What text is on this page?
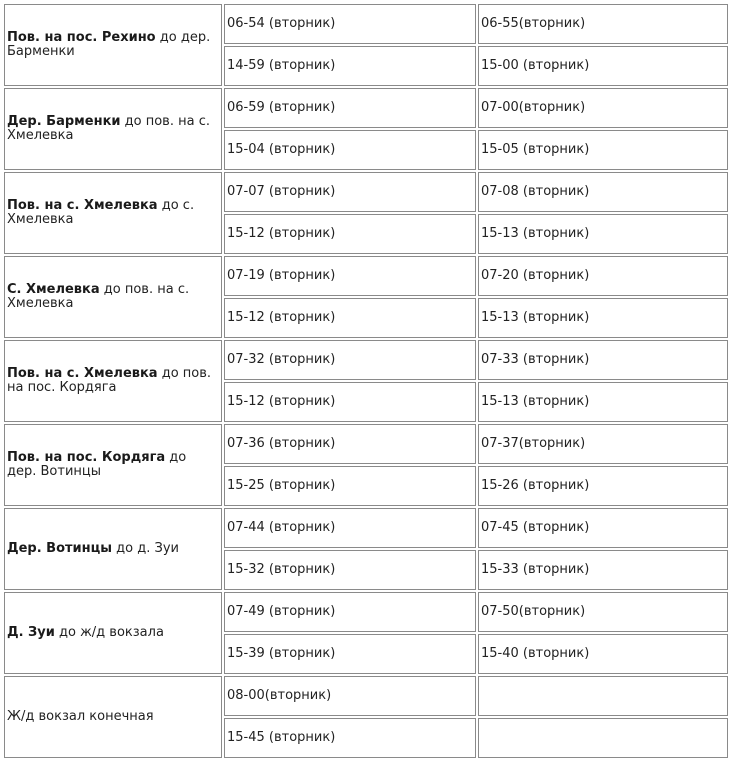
Пов. на пос. Рехино до дер. Барменки	06-54 (вторник)	06-55(вторник)
	14-59 (вторник)	15-00 (вторник)
Дер. Барменки до пов. на с. Хмелевка	06-59 (вторник)	07-00(вторник)
	15-04 (вторник)	15-05 (вторник)
Пов. на с. Хмелевка до с. Хмелевка	07-07 (вторник)	07-08 (вторник)
	15-12 (вторник)	15-13 (вторник)
С. Хмелевка до пов. на с. Хмелевка	07-19 (вторник)	07-20 (вторник)
	15-12 (вторник)	15-13 (вторник)
Пов. на с. Хмелевка до пов. на пос. Кордяга	07-32 (вторник)	07-33 (вторник)
	15-12 (вторник)	15-13 (вторник)
Пов. на пос. Кордяга до дер. Вотинцы	07-36 (вторник)	07-37(вторник)
	15-25 (вторник)	15-26 (вторник)
Дер. Вотинцы до д. Зуи	07-44 (вторник)	07-45 (вторник)
	15-32 (вторник)	15-33 (вторник)
Д. Зуи до ж/д вокзала	07-49 (вторник)	07-50(вторник)
	15-39 (вторник)	15-40 (вторник)
Ж/д вокзал конечная	08-00(вторник)	
	15-45 (вторник)	
